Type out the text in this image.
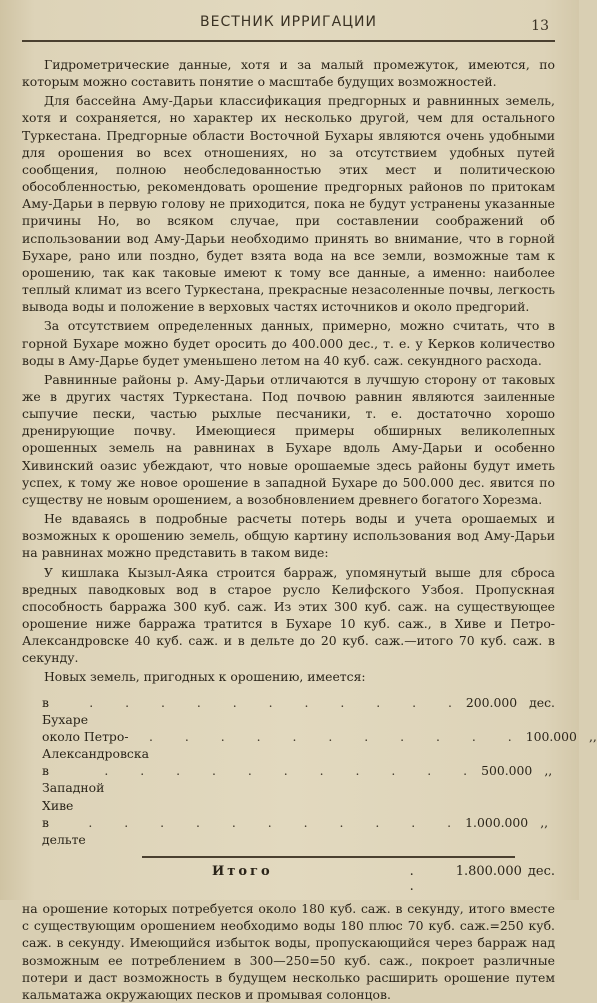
ВЕСТНИК ИРРИГАЦИИ	13

Гидрометрические данные, хотя и за малый промежуток, имеются, по которым можно составить понятие о масштабе будущих возможностей.

Для бассейна Аму-Дарьи классификация предгорных и равнинных земель, хотя и сохраняется, но характер их несколько другой, чем для остального Туркестана. Предгорные области Восточной Бухары являются очень удобными для орошения во всех отношениях, но за отсутствием удобных путей сообщения, полною необследованностью этих мест и политическою обособленностью, рекомендовать орошение предгорных районов по притокам Аму-Дарьи в первую голову не приходится, пока не будут устранены указанные причины Но, во всяком случае, при составлении соображений об использовании вод Аму-Дарьи необходимо принять во внимание, что в горной Бухаре, рано или поздно, будет взята вода на все земли, возможные там к орошению, так как таковые имеют к тому все данные, а именно: наиболее теплый климат из всего Туркестана, прекрасные незасоленные почвы, легкость вывода воды и положение в верховых частях источников и около предгорий.

За отсутствием определенных данных, примерно, можно считать, что в горной Бухаре можно будет оросить до 400.000 дес., т. е. у Керков количество воды в Аму-Дарье будет уменьшено летом на 40 куб. саж. секундного расхода.

Равнинные районы р. Аму-Дарьи отличаются в лучшую сторону от таковых же в других частях Туркестана. Под почвою равнин являются заиленные сыпучие пески, частью рыхлые песчаники, т. е. достаточно хорошо дренирующие почву. Имеющиеся примеры обширных великолепных орошенных земель на равнинах в Бухаре вдоль Аму-Дарьи и особенно Хивинский оазис убеждают, что новые орошаемые здесь районы будут иметь успех, к тому же новое орошение в западной Бухаре до 500.000 дес. явится по существу не новым орошением, а возобновлением древнего богатого Хорезма.

Не вдаваясь в подробные расчеты потерь воды и учета орошаемых и возможных к орошению земель, общую картину использования вод Аму-Дарьи на равнинах можно представить в таком виде:

У кишлака Кызыл-Аяка строится барраж, упомянутый выше для сброса вредных паводковых вод в старое русло Келифского Узбоя. Пропускная способность барража 300 куб. саж. Из этих 300 куб. саж. на существующее орошение ниже барража тратится в Бухаре 10 куб. саж., в Хиве и Петро-Александровске 40 куб. саж. и в дельте до 20 куб. саж.—итого 70 куб. саж. в секунду.

Новых земель, пригодных к орошению, имеется:

в Бухаре
. . . . . . . . . . . 200.000 дес.
около Петро-Александровска
. . . . . . . . . . . 100.000 ,,
в Западной Хиве
. . . . . . . . . . . 500.000 ,,
в дельте
. . . . . . . . . . . 1.000.000 ,,
Итого	. .
1.800.000 дес.

на орошение которых потребуется около 180 куб. саж. в секунду, итого вместе с существующим орошением необходимо воды 180 плюс 70 куб. саж.=250 куб. саж. в секунду. Имеющийся избыток воды, пропускающийся через барраж над возможным ее потреблением в 300—250=50 куб. саж., покроет различные потери и даст возможность в будущем несколько расширить орошение путем кальматажа окружающих песков и промывая солонцов.
